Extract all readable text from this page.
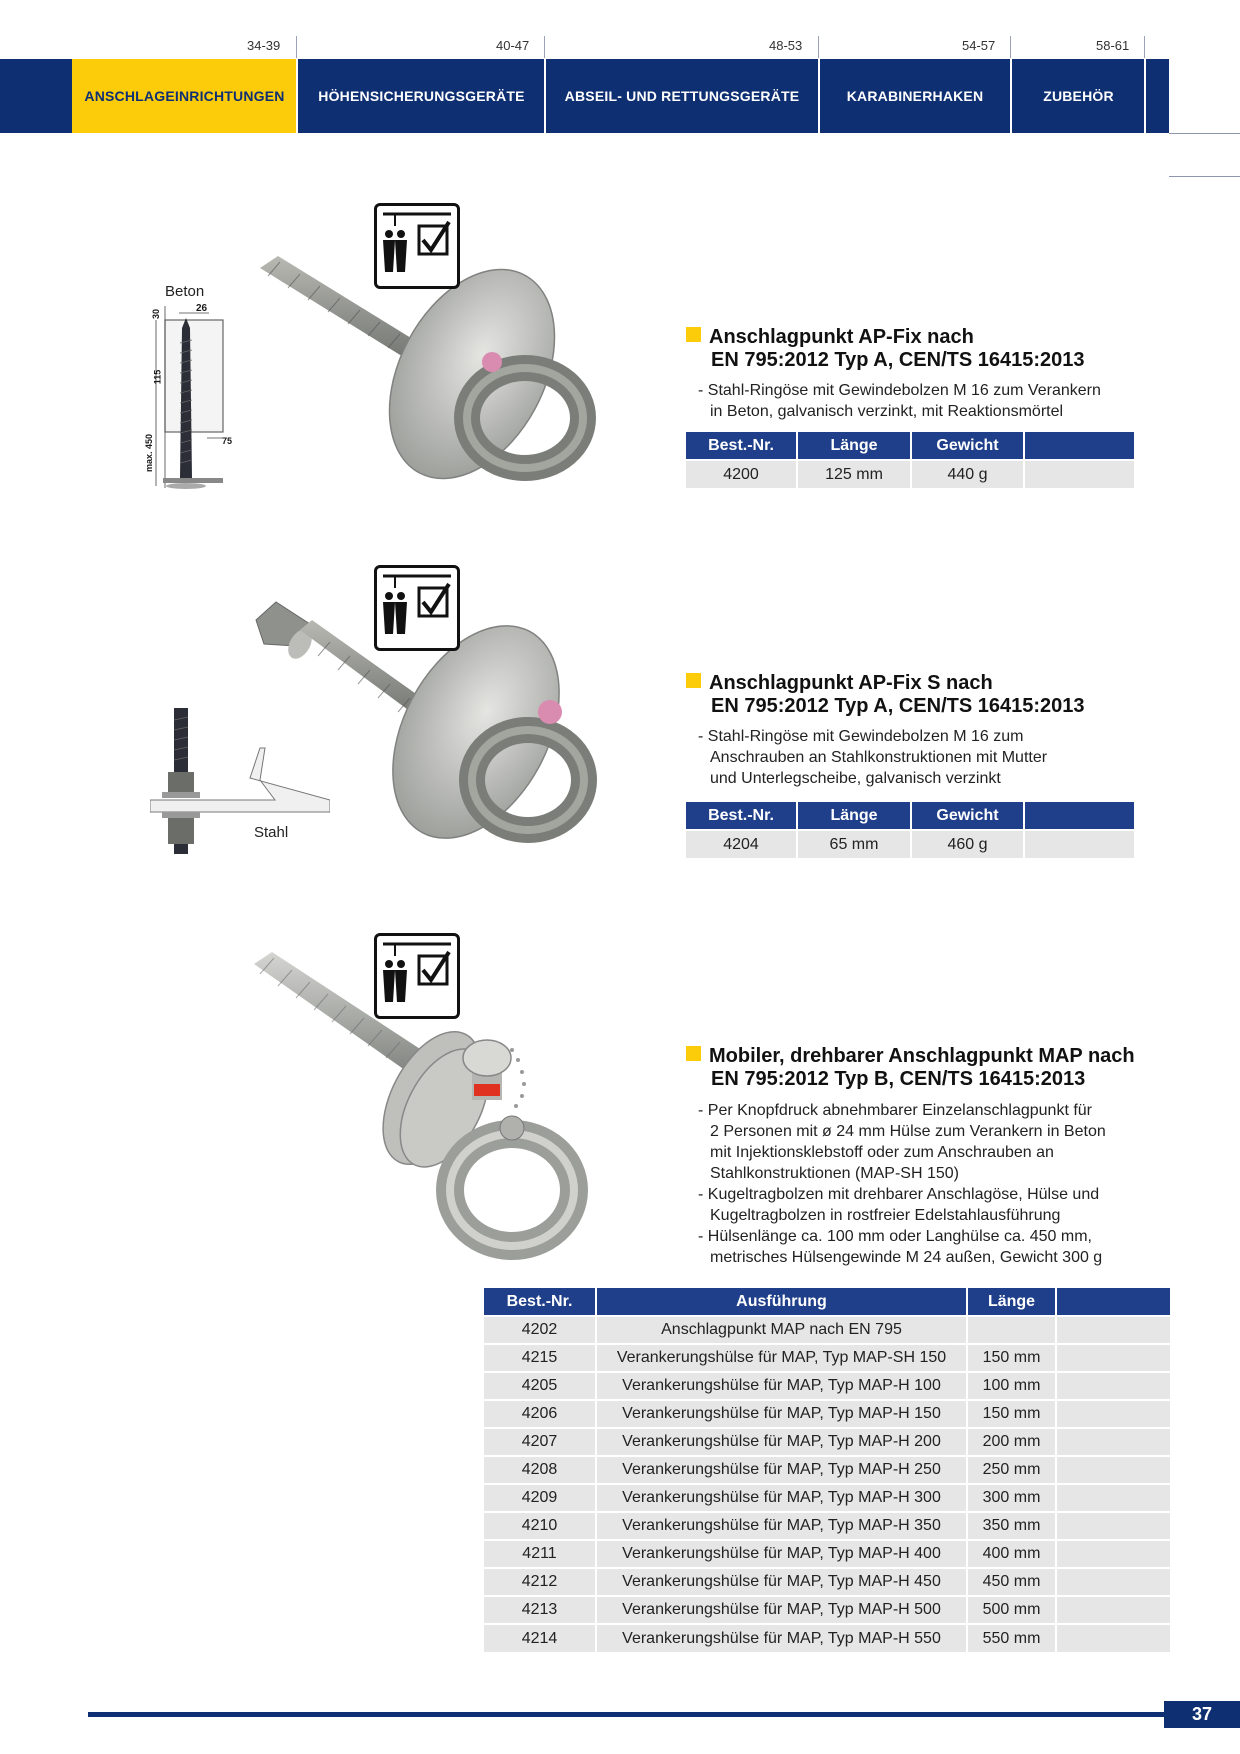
34-39	40-47	48-53	54-57	58-61
ANSCHLAGEINRICHTUNGEN	HÖHENSICHERUNGSGERÄTE	ABSEIL- UND RETTUNGSGERÄTE	KARABINERHAKEN	ZUBEHÖR
Beton
26
30
115
75
max. 450
Anschlagpunkt AP-Fix nach
EN 795:2012 Typ A, CEN/TS 16415:2013
- Stahl-Ringöse mit Gewindebolzen M 16 zum Verankern
in Beton, galvanisch verzinkt, mit Reaktionsmörtel
Best.-Nr.	Länge	Gewicht	
4200	125 mm	440 g	
Stahl
Anschlagpunkt AP-Fix S nach
EN 795:2012 Typ A, CEN/TS 16415:2013
- Stahl-Ringöse mit Gewindebolzen M 16 zum
Anschrauben an Stahlkonstruktionen mit Mutter
und Unterlegscheibe, galvanisch verzinkt
Best.-Nr.	Länge	Gewicht	
4204	65 mm	460 g	
Mobiler, drehbarer Anschlagpunkt MAP nach
EN 795:2012 Typ B, CEN/TS 16415:2013
- Per Knopfdruck abnehmbarer Einzelanschlagpunkt für
2 Personen mit ø 24 mm Hülse zum Verankern in Beton
mit Injektionsklebstoff oder zum Anschrauben an
Stahlkonstruktionen (MAP-SH 150)
- Kugeltragbolzen mit drehbarer Anschlagöse, Hülse und
Kugeltragbolzen in rostfreier Edelstahlausführung
- Hülsenlänge ca. 100 mm oder Langhülse ca. 450 mm,
metrisches Hülsengewinde M 24 außen, Gewicht 300 g
Best.-Nr.	Ausführung	Länge	
4202	Anschlagpunkt MAP nach EN 795		
4215	Verankerungshülse für MAP, Typ MAP-SH 150	150 mm	
4205	Verankerungshülse für MAP, Typ MAP-H 100	100 mm	
4206	Verankerungshülse für MAP, Typ MAP-H 150	150 mm	
4207	Verankerungshülse für MAP, Typ MAP-H 200	200 mm	
4208	Verankerungshülse für MAP, Typ MAP-H 250	250 mm	
4209	Verankerungshülse für MAP, Typ MAP-H 300	300 mm	
4210	Verankerungshülse für MAP, Typ MAP-H 350	350 mm	
4211	Verankerungshülse für MAP, Typ MAP-H 400	400 mm	
4212	Verankerungshülse für MAP, Typ MAP-H 450	450 mm	
4213	Verankerungshülse für MAP, Typ MAP-H 500	500 mm	
4214	Verankerungshülse für MAP, Typ MAP-H 550	550 mm	
37
